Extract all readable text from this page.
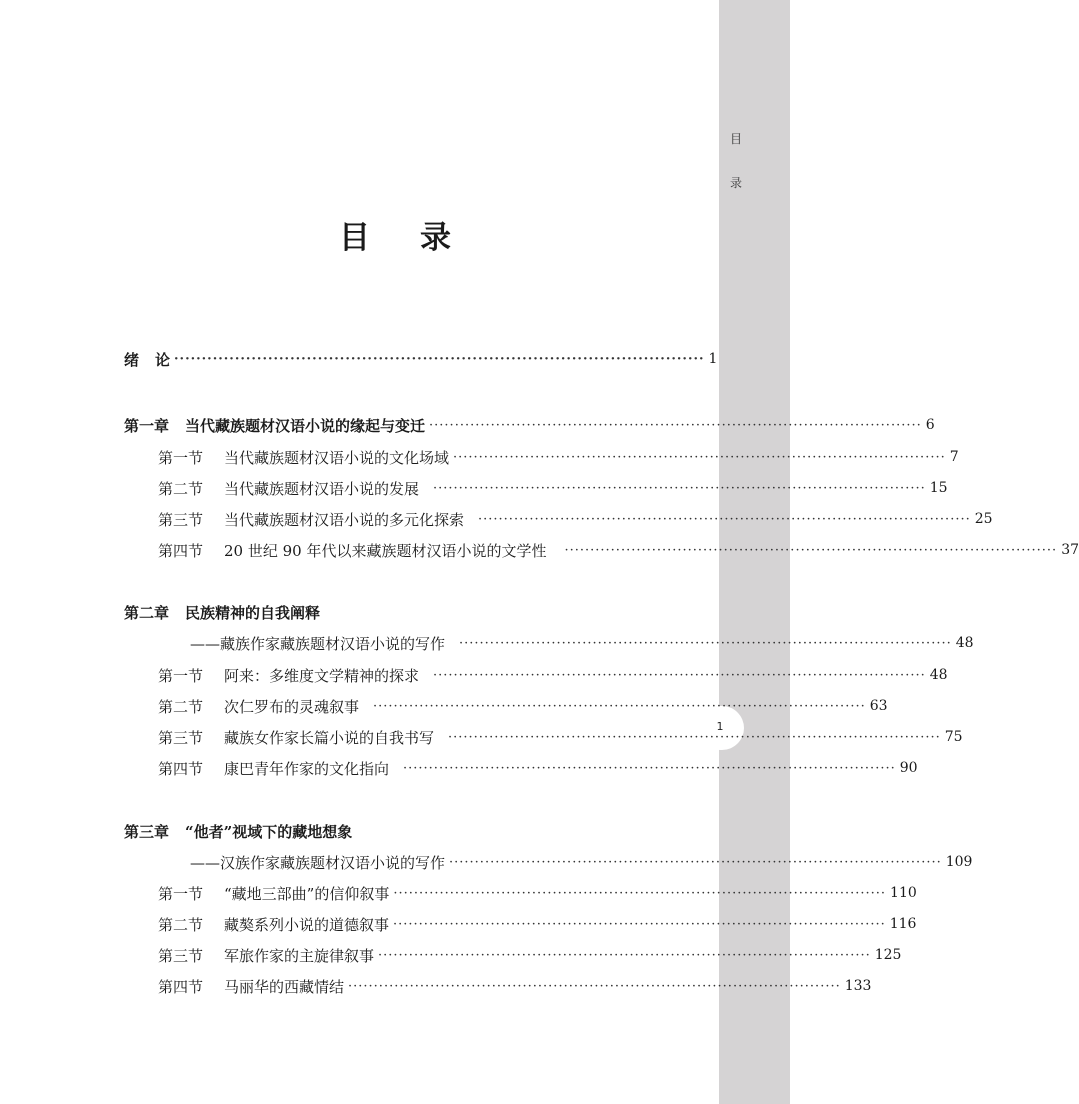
目
录
1
目 录
绪 论 ································································································ 1
第一章 当代藏族题材汉语小说的缘起与变迁 ································································································ 6
第一节 当代藏族题材汉语小说的文化场域 ································································································ 7
第二节 当代藏族题材汉语小说的发展 ································································································ 15
第三节 当代藏族题材汉语小说的多元化探索 ································································································ 25
第四节 20 世纪 90 年代以来藏族题材汉语小说的文学性 ································································································ 37
第二章 民族精神的自我阐释
——藏族作家藏族题材汉语小说的写作 ································································································ 48
第一节 阿来：多维度文学精神的探求 ································································································ 48
第二节 次仁罗布的灵魂叙事 ································································································ 63
第三节 藏族女作家长篇小说的自我书写 ································································································ 75
第四节 康巴青年作家的文化指向 ································································································ 90
第三章 “他者”视域下的藏地想象
——汉族作家藏族题材汉语小说的写作 ································································································ 109
第一节 “藏地三部曲”的信仰叙事 ································································································ 110
第二节 藏獒系列小说的道德叙事 ································································································ 116
第三节 军旅作家的主旋律叙事 ································································································ 125
第四节 马丽华的西藏情结 ································································································ 133
